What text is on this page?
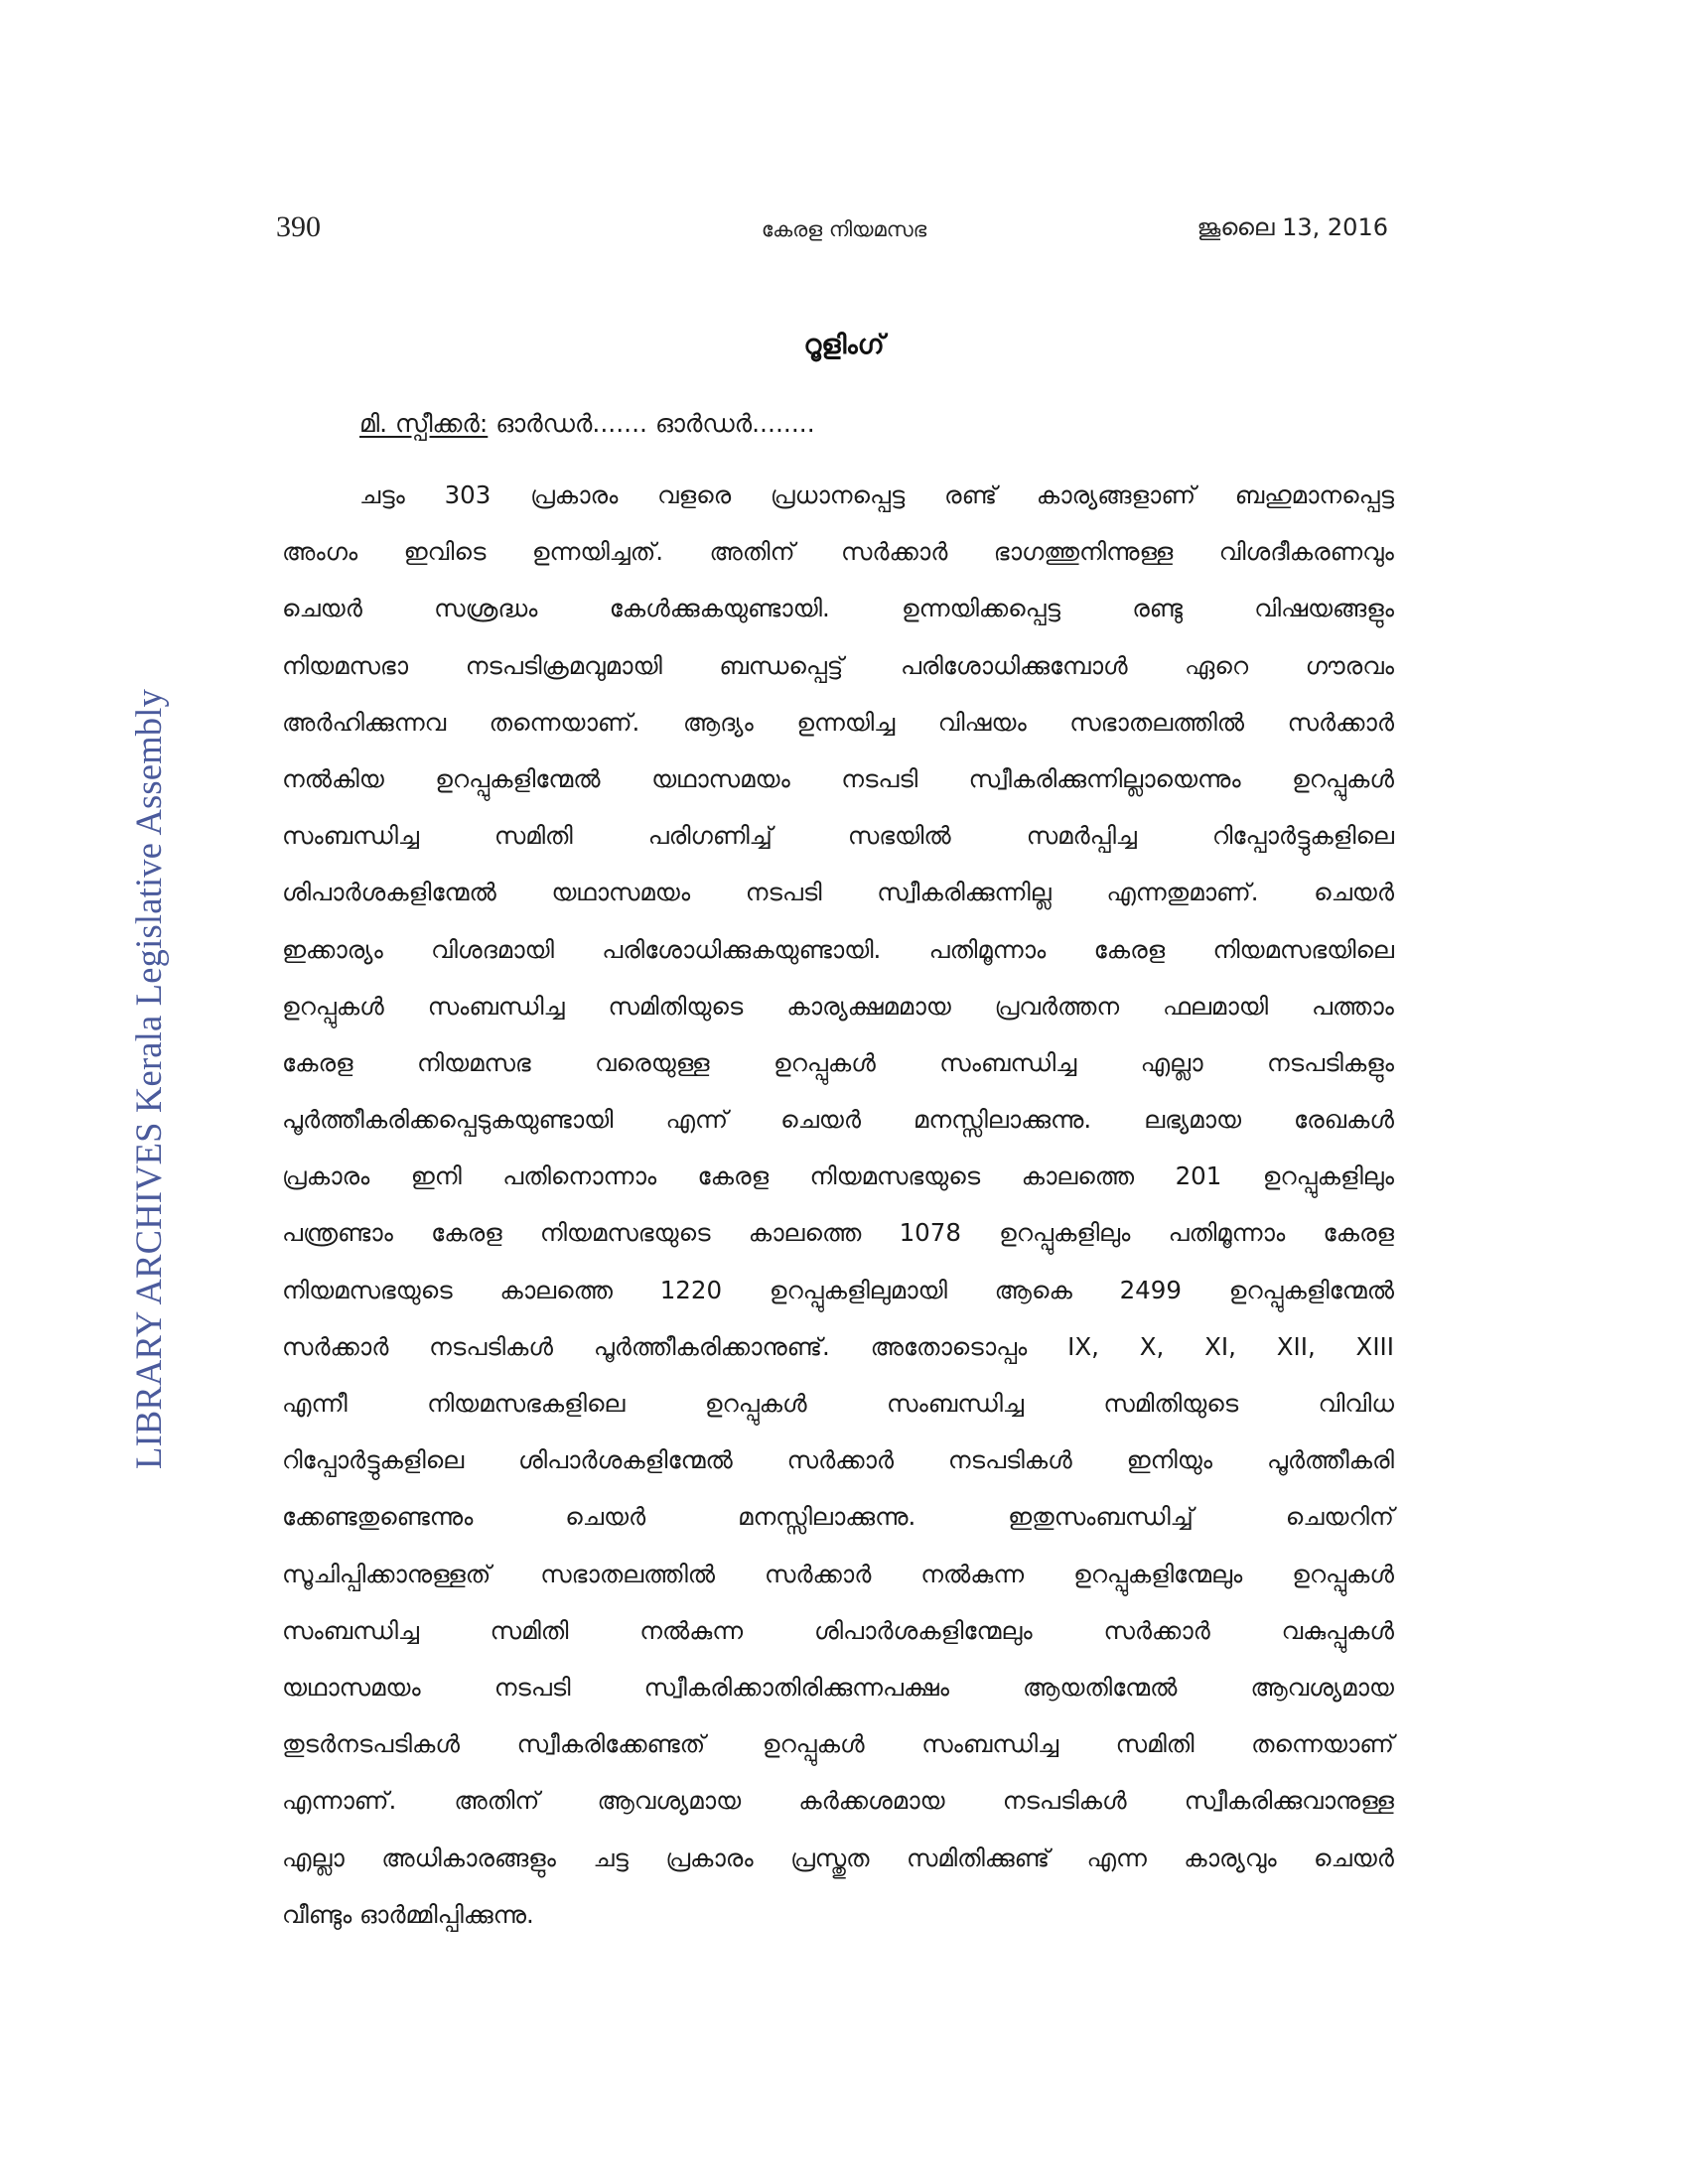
390	കേരള നിയമസഭ	ജൂലൈ 13, 2016
LIBRARY ARCHIVES Kerala Legislative Assembly
റൂളിംഗ്
മി. സ്പീക്കർ: ഓർഡർ....... ഓർഡർ........
ചട്ടം 303 പ്രകാരം വളരെ പ്രധാനപ്പെട്ട രണ്ട് കാര്യങ്ങളാണ് ബഹുമാനപ്പെട്ട
അംഗം ഇവിടെ ഉന്നയിച്ചത്. അതിന് സർക്കാർ ഭാഗത്തുനിന്നുള്ള വിശദീകരണവും
ചെയർ	സശ്രദ്ധം	കേൾക്കുകയുണ്ടായി.	ഉന്നയിക്കപ്പെട്ട	രണ്ടു	വിഷയങ്ങളും
നിയമസഭാ നടപടിക്രമവുമായി ബന്ധപ്പെട്ട് പരിശോധിക്കുമ്പോൾ ഏറെ ഗൗരവം
അർഹിക്കുന്നവ തന്നെയാണ്. ആദ്യം ഉന്നയിച്ച വിഷയം സഭാതലത്തിൽ സർക്കാർ
നൽകിയ ഉറപ്പുകളിന്മേൽ യഥാസമയം നടപടി സ്വീകരിക്കുന്നില്ലായെന്നും ഉറപ്പുകൾ
സംബന്ധിച്ച	സമിതി	പരിഗണിച്ച്	സഭയിൽ	സമർപ്പിച്ച	റിപ്പോർട്ടുകളിലെ
ശിപാർശകളിന്മേൽ യഥാസമയം നടപടി സ്വീകരിക്കുന്നില്ല എന്നതുമാണ്. ചെയർ
ഇക്കാര്യം വിശദമായി പരിശോധിക്കുകയുണ്ടായി. പതിമൂന്നാം കേരള നിയമസഭയിലെ
ഉറപ്പുകൾ സംബന്ധിച്ച സമിതിയുടെ കാര്യക്ഷമമായ പ്രവർത്തന ഫലമായി പത്താം
കേരള	നിയമസഭ	വരെയുള്ള	ഉറപ്പുകൾ	സംബന്ധിച്ച	എല്ലാ	നടപടികളും
പൂർത്തീകരിക്കപ്പെടുകയുണ്ടായി എന്ന് ചെയർ മനസ്സിലാക്കുന്നു. ലഭ്യമായ രേഖകൾ
പ്രകാരം ഇനി പതിനൊന്നാം കേരള നിയമസഭയുടെ കാലത്തെ 201 ഉറപ്പുകളിലും
പന്ത്രണ്ടാം കേരള നിയമസഭയുടെ കാലത്തെ 1078 ഉറപ്പുകളിലും പതിമൂന്നാം കേരള
നിയമസഭയുടെ കാലത്തെ 1220 ഉറപ്പുകളിലുമായി ആകെ 2499 ഉറപ്പുകളിന്മേൽ
സർക്കാർ നടപടികൾ പൂർത്തീകരിക്കാനുണ്ട്. അതോടൊപ്പം IX, X, XI, XII, XIII
എന്നീ	നിയമസഭകളിലെ	ഉറപ്പുകൾ	സംബന്ധിച്ച	സമിതിയുടെ	വിവിധ
റിപ്പോർട്ടുകളിലെ ശിപാർശകളിന്മേൽ സർക്കാർ നടപടികൾ ഇനിയും പൂർത്തീകരി
ക്കേണ്ടതുണ്ടെന്നും	ചെയർ	മനസ്സിലാക്കുന്നു.	ഇതുസംബന്ധിച്ച്	ചെയറിന്
സൂചിപ്പിക്കാനുള്ളത് സഭാതലത്തിൽ സർക്കാർ നൽകുന്ന ഉറപ്പുകളിന്മേലും ഉറപ്പുകൾ
സംബന്ധിച്ച	സമിതി	നൽകുന്ന	ശിപാർശകളിന്മേലും	സർക്കാർ	വകുപ്പുകൾ
യഥാസമയം	നടപടി	സ്വീകരിക്കാതിരിക്കുന്നപക്ഷം	ആയതിന്മേൽ	ആവശ്യമായ
തുടർനടപടികൾ സ്വീകരിക്കേണ്ടത് ഉറപ്പുകൾ സംബന്ധിച്ച സമിതി തന്നെയാണ്
എന്നാണ്. അതിന് ആവശ്യമായ കർക്കശമായ നടപടികൾ സ്വീകരിക്കുവാനുള്ള
എല്ലാ അധികാരങ്ങളും ചട്ട പ്രകാരം പ്രസ്തുത സമിതിക്കുണ്ട് എന്ന കാര്യവും ചെയർ
വീണ്ടും ഓർമ്മിപ്പിക്കുന്നു.
